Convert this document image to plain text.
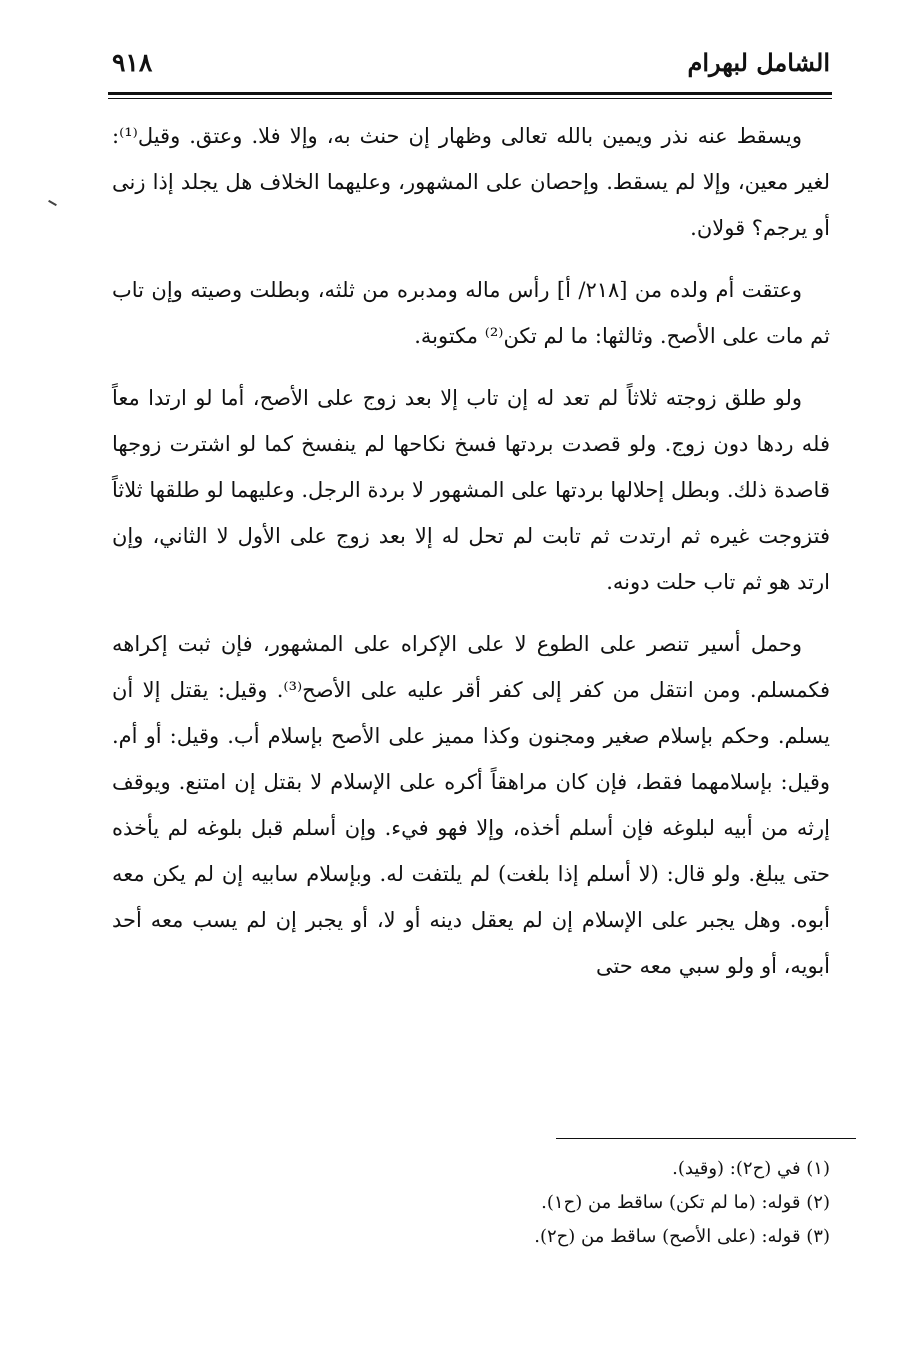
الشامل لبهرام
٩١٨

ويسقط عنه نذر ويمين بالله تعالى وظهار إن حنث به، وإلا فلا. وعتق. وقيل⁽¹⁾: لغير معين، وإلا لم يسقط. وإحصان على المشهور، وعليهما الخلاف هل يجلد إذا زنى أو يرجم؟ قولان.

وعتقت أم ولده من [٢١٨/ أ] رأس ماله ومدبره من ثلثه، وبطلت وصيته وإن تاب ثم مات على الأصح. وثالثها: ما لم تكن⁽²⁾ مكتوبة.

ولو طلق زوجته ثلاثاً لم تعد له إن تاب إلا بعد زوج على الأصح، أما لو ارتدا معاً فله ردها دون زوج. ولو قصدت بردتها فسخ نكاحها لم ينفسخ كما لو اشترت زوجها قاصدة ذلك. وبطل إحلالها بردتها على المشهور لا بردة الرجل. وعليهما لو طلقها ثلاثاً فتزوجت غيره ثم ارتدت ثم تابت لم تحل له إلا بعد زوج على الأول لا الثاني، وإن ارتد هو ثم تاب حلت دونه.

وحمل أسير تنصر على الطوع لا على الإكراه على المشهور، فإن ثبت إكراهه فكمسلم. ومن انتقل من كفر إلى كفر أقر عليه على الأصح⁽³⁾. وقيل: يقتل إلا أن يسلم. وحكم بإسلام صغير ومجنون وكذا مميز على الأصح بإسلام أب. وقيل: أو أم. وقيل: بإسلامهما فقط، فإن كان مراهقاً أكره على الإسلام لا بقتل إن امتنع. ويوقف إرثه من أبيه لبلوغه فإن أسلم أخذه، وإلا فهو فيء. وإن أسلم قبل بلوغه لم يأخذه حتى يبلغ. ولو قال: (لا أسلم إذا بلغت) لم يلتفت له. وبإسلام سابيه إن لم يكن معه أبوه. وهل يجبر على الإسلام إن لم يعقل دينه أو لا، أو يجبر إن لم يسب معه أحد أبويه، أو ولو سبي معه حتى

(١) في (ح٢): (وقيد).
(٢) قوله: (ما لم تكن) ساقط من (ح١).
(٣) قوله: (على الأصح) ساقط من (ح٢).
